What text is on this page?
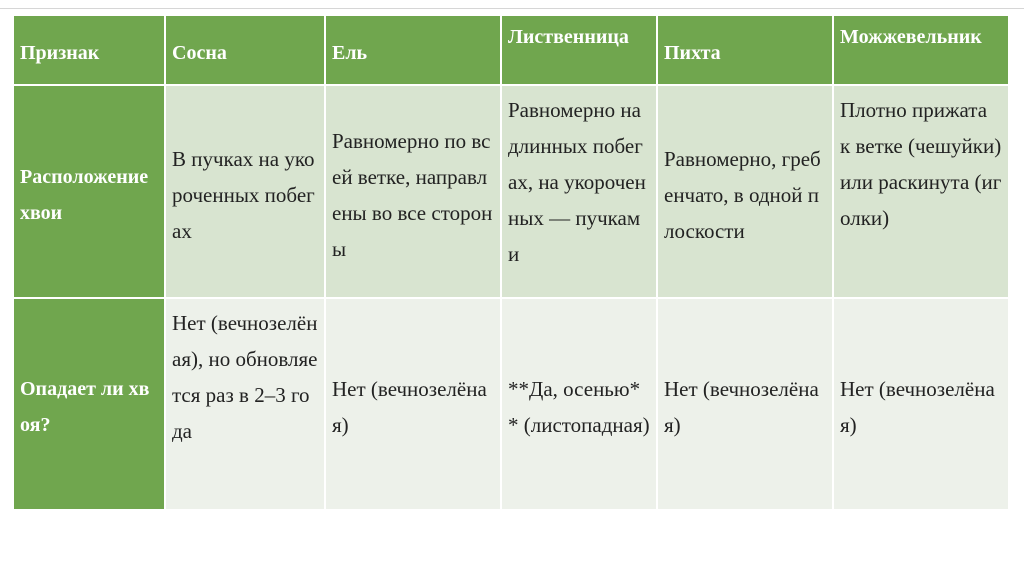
Признак	Сосна	Ель	Лиственница	Пихта	Можжевельник
Расположение хвои	В пучках на укороченных побегах	Равномерно по всей ветке, направлены во все стороны	Равномерно на длинных побегах, на укороченных — пучками	Равномерно, гребенчато, в одной плоскости	Плотно прижата к ветке (чешуйки) или раскинута (иголки)
Опадает ли хвоя?	Нет (вечнозелёная), но обновляется раз в 2–3 года	Нет (вечнозелёная)	**Да, осенью** (листопадная)	Нет (вечнозелёная)	Нет (вечнозелёная)
